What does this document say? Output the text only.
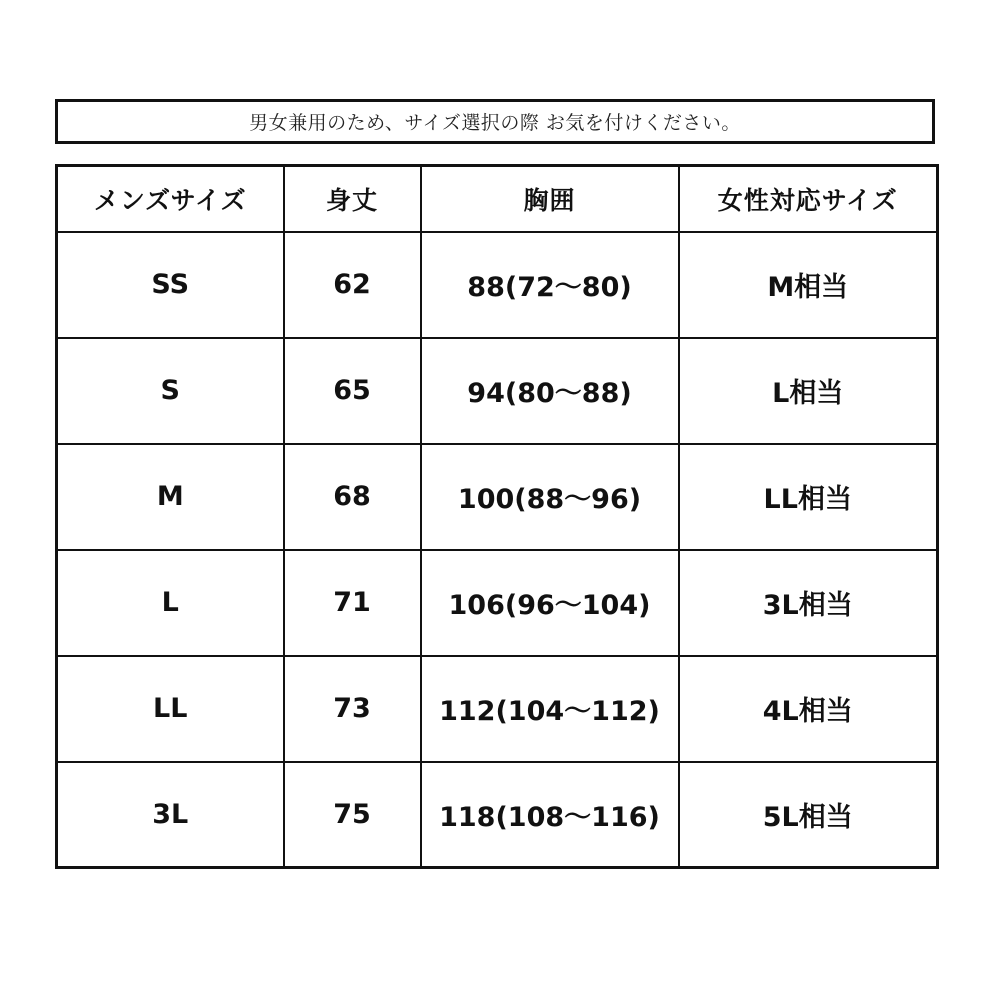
男女兼用のため、サイズ選択の際 お気を付けください。
メンズサイズ	身丈	胸囲	女性対応サイズ
SS	62	88(72～80)	M相当
S	65	94(80～88)	L相当
M	68	100(88～96)	LL相当
L	71	106(96～104)	3L相当
LL	73	112(104～112)	4L相当
3L	75	118(108～116)	5L相当
